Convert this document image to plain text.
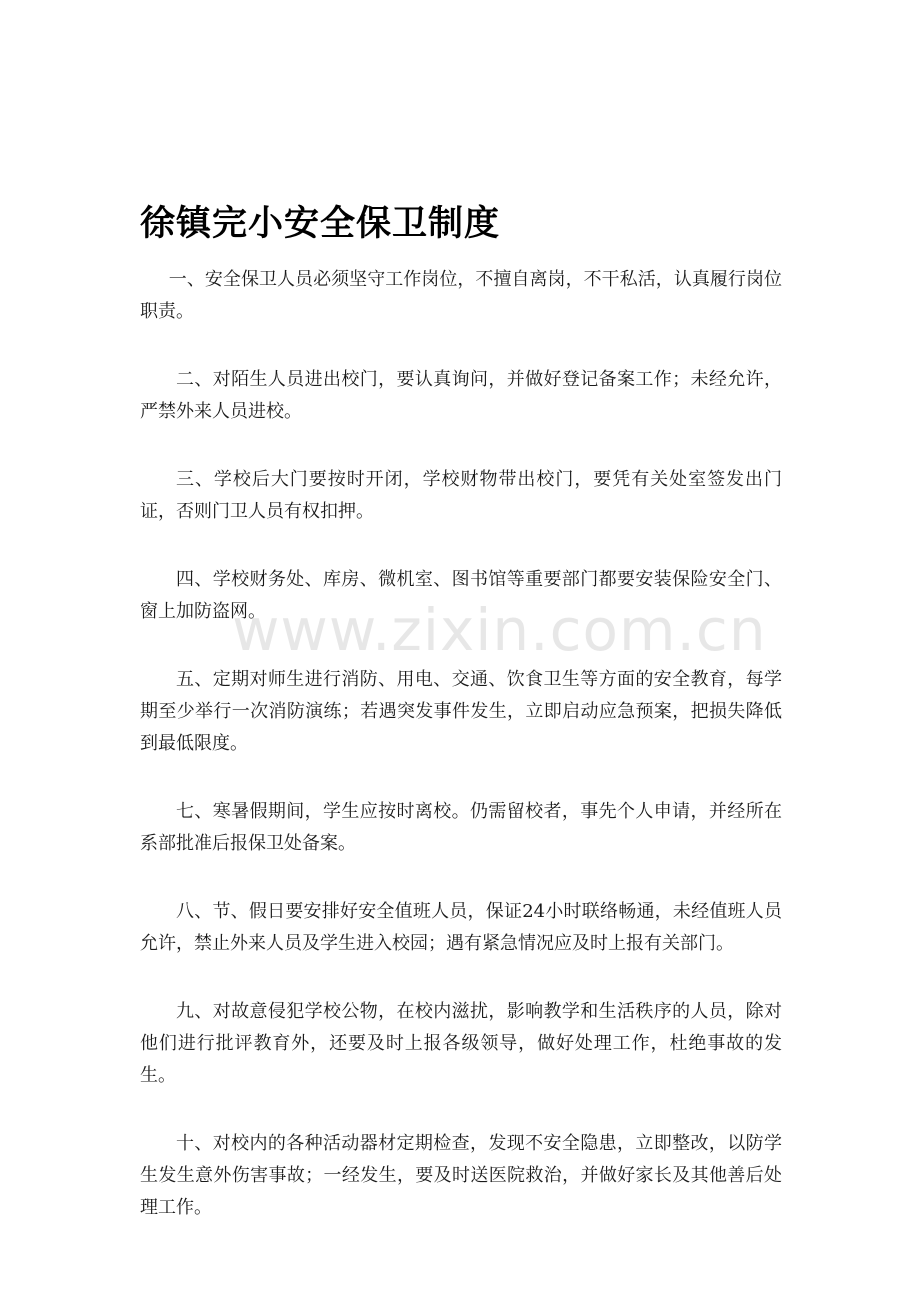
徐镇完小安全保卫制度

一、安全保卫人员必须坚守工作岗位，不擅自离岗，不干私活，认真履行岗位职责。

二、对陌生人员进出校门，要认真询问，并做好登记备案工作；未经允许，严禁外来人员进校。

三、学校后大门要按时开闭，学校财物带出校门，要凭有关处室签发出门证，否则门卫人员有权扣押。

四、学校财务处、库房、微机室、图书馆等重要部门都要安装保险安全门、窗上加防盗网。

五、定期对师生进行消防、用电、交通、饮食卫生等方面的安全教育，每学期至少举行一次消防演练；若遇突发事件发生，立即启动应急预案，把损失降低到最低限度。

七、寒暑假期间，学生应按时离校。仍需留校者，事先个人申请，并经所在系部批准后报保卫处备案。

八、节、假日要安排好安全值班人员，保证24小时联络畅通，未经值班人员允许，禁止外来人员及学生进入校园；遇有紧急情况应及时上报有关部门。

九、对故意侵犯学校公物，在校内滋扰，影响教学和生活秩序的人员，除对他们进行批评教育外，还要及时上报各级领导，做好处理工作，杜绝事故的发生。

十、对校内的各种活动器材定期检查，发现不安全隐患，立即整改，以防学生发生意外伤害事故；一经发生，要及时送医院救治，并做好家长及其他善后处理工作。

www.zixin.com.cn
